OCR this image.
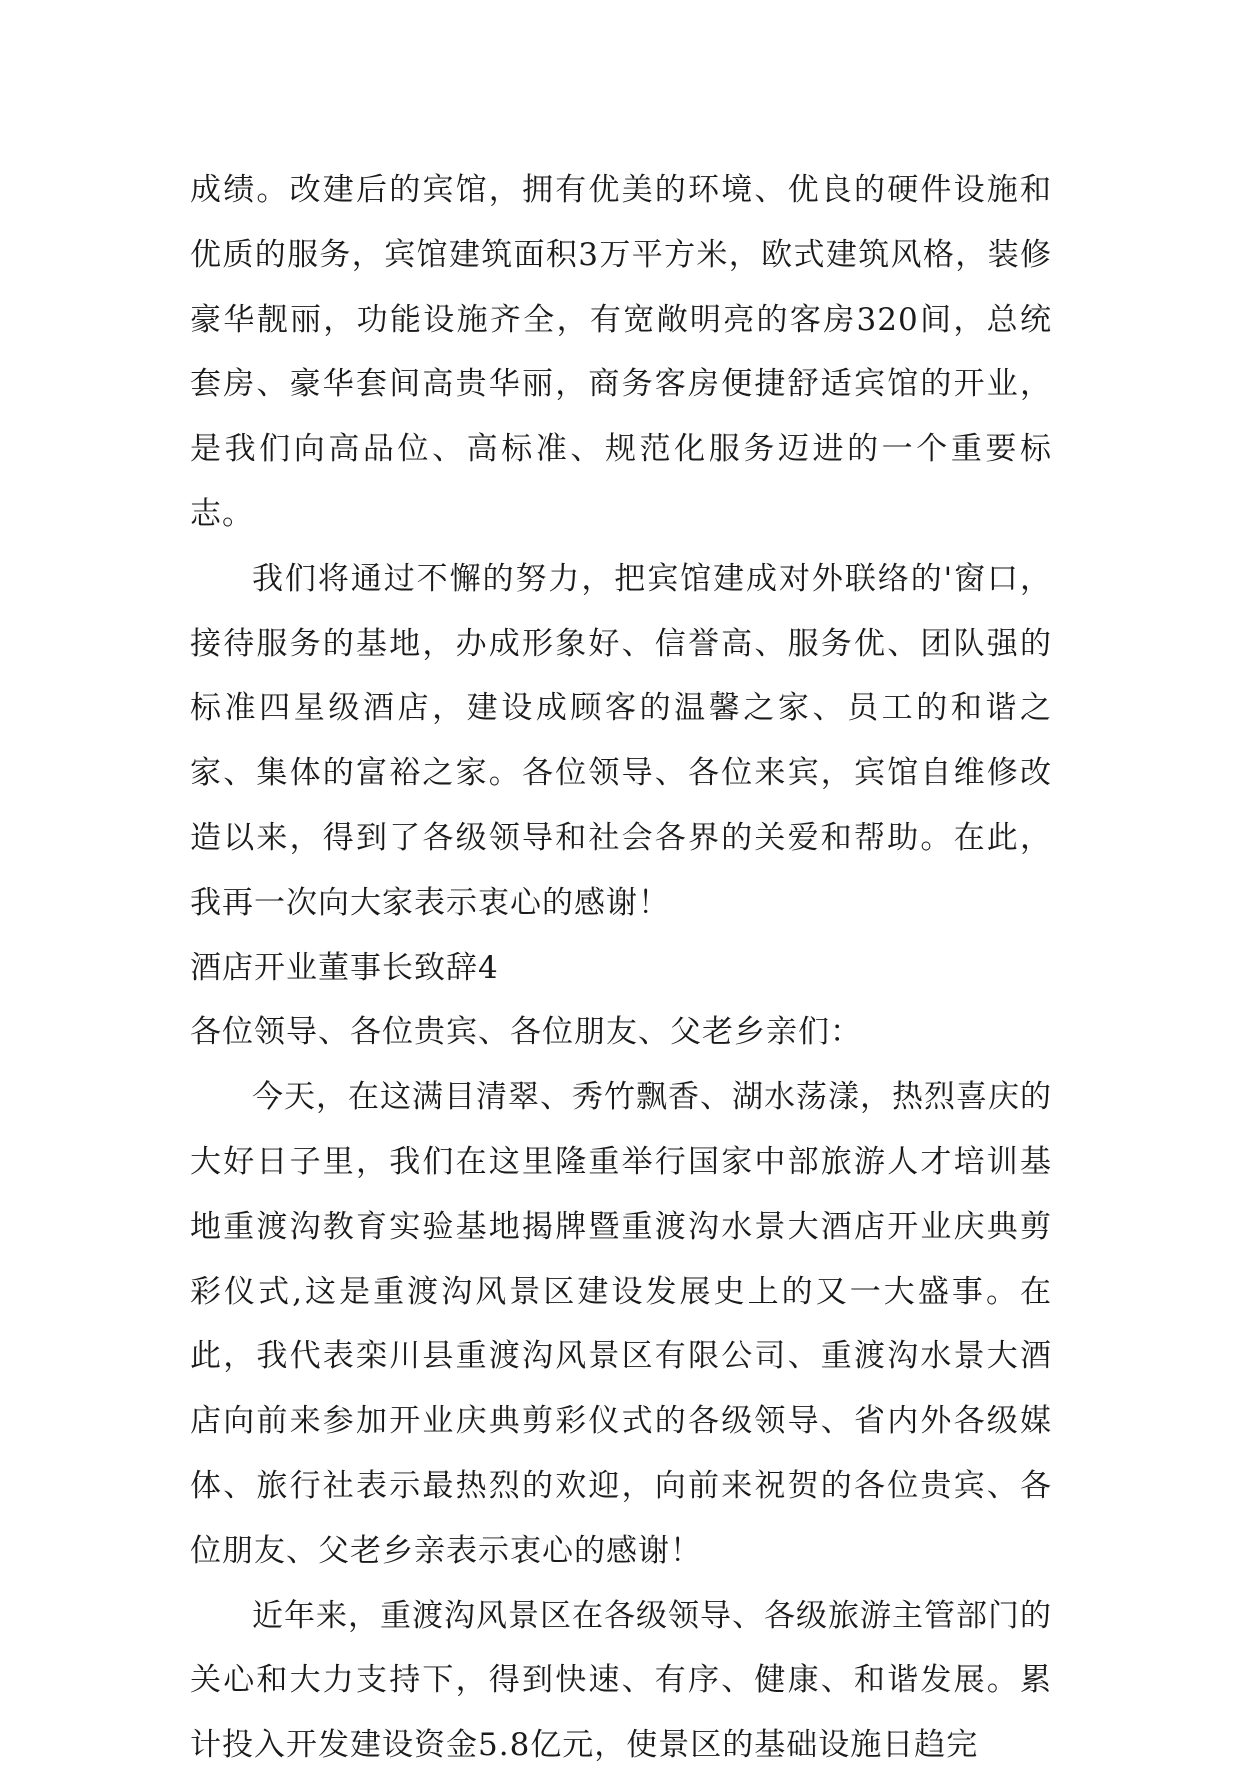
成绩。改建后的宾馆，拥有优美的环境、优良的硬件设施和优质的服务，宾馆建筑面积3万平方米，欧式建筑风格，装修豪华靓丽，功能设施齐全，有宽敞明亮的客房320间，总统套房、豪华套间高贵华丽，商务客房便捷舒适宾馆的开业，是我们向高品位、高标准、规范化服务迈进的一个重要标志。

我们将通过不懈的努力，把宾馆建成对外联络的'窗口，接待服务的基地，办成形象好、信誉高、服务优、团队强的标准四星级酒店，建设成顾客的温馨之家、员工的和谐之家、集体的富裕之家。各位领导、各位来宾，宾馆自维修改造以来，得到了各级领导和社会各界的关爱和帮助。在此，我再一次向大家表示衷心的感谢！

酒店开业董事长致辞4

各位领导、各位贵宾、各位朋友、父老乡亲们：

今天，在这满目清翠、秀竹飘香、湖水荡漾，热烈喜庆的大好日子里，我们在这里隆重举行国家中部旅游人才培训基地重渡沟教育实验基地揭牌暨重渡沟水景大酒店开业庆典剪彩仪式,这是重渡沟风景区建设发展史上的又一大盛事。在此，我代表栾川县重渡沟风景区有限公司、重渡沟水景大酒店向前来参加开业庆典剪彩仪式的各级领导、省内外各级媒体、旅行社表示最热烈的欢迎，向前来祝贺的各位贵宾、各位朋友、父老乡亲表示衷心的感谢！

近年来，重渡沟风景区在各级领导、各级旅游主管部门的关心和大力支持下，得到快速、有序、健康、和谐发展。累计投入开发建设资金5.8亿元，使景区的基础设施日趋完
